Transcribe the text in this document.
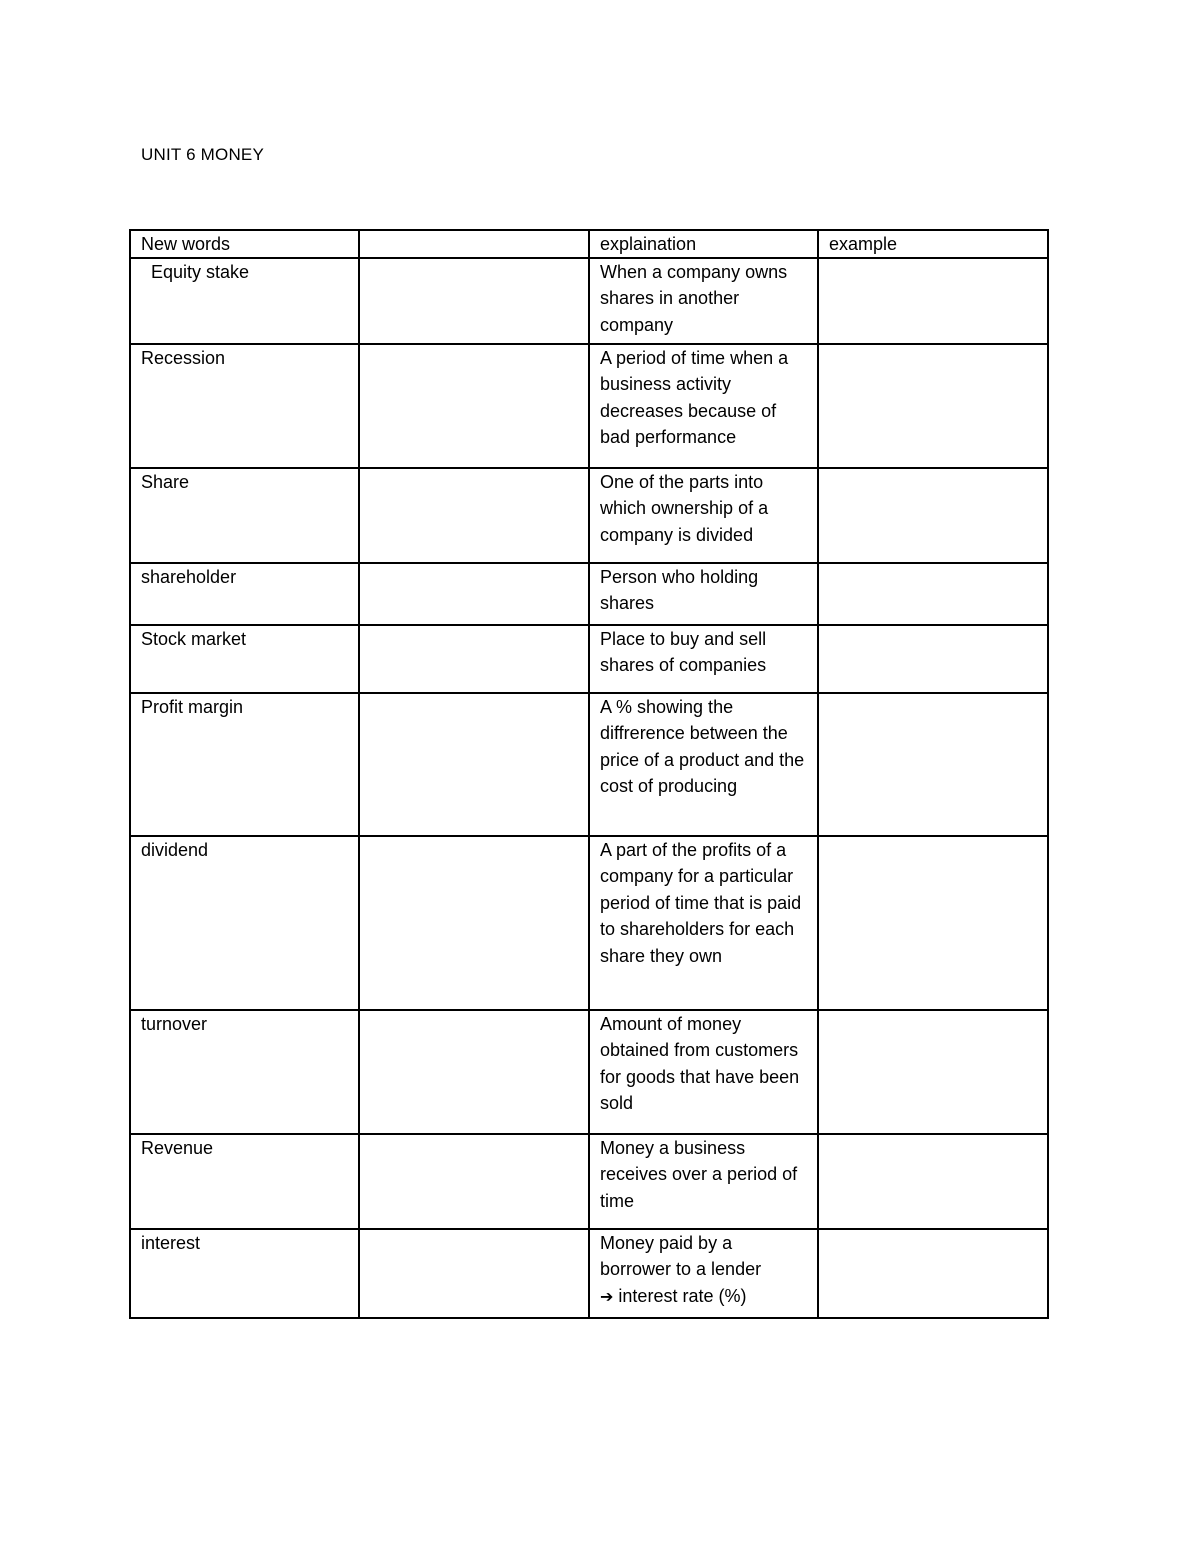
UNIT 6 MONEY
New words		explaination	example
Equity stake		When a company owns shares in another company	
Recession		A period of time when a business activity decreases because of bad performance	
Share		One of the parts into which ownership of a company is divided	
shareholder		Person who holding shares	
Stock market		Place to buy and sell shares of companies	
Profit margin		A % showing the diffrerence between the price of a product and the cost of producing	
dividend		A part of the profits of a company for a particular period of time that is paid to shareholders for each share they own	
turnover		Amount of money obtained from customers for goods that have been sold	
Revenue		Money a business receives over a period of time	
interest		Money paid by a borrower to a lender
➔ interest rate (%)	
